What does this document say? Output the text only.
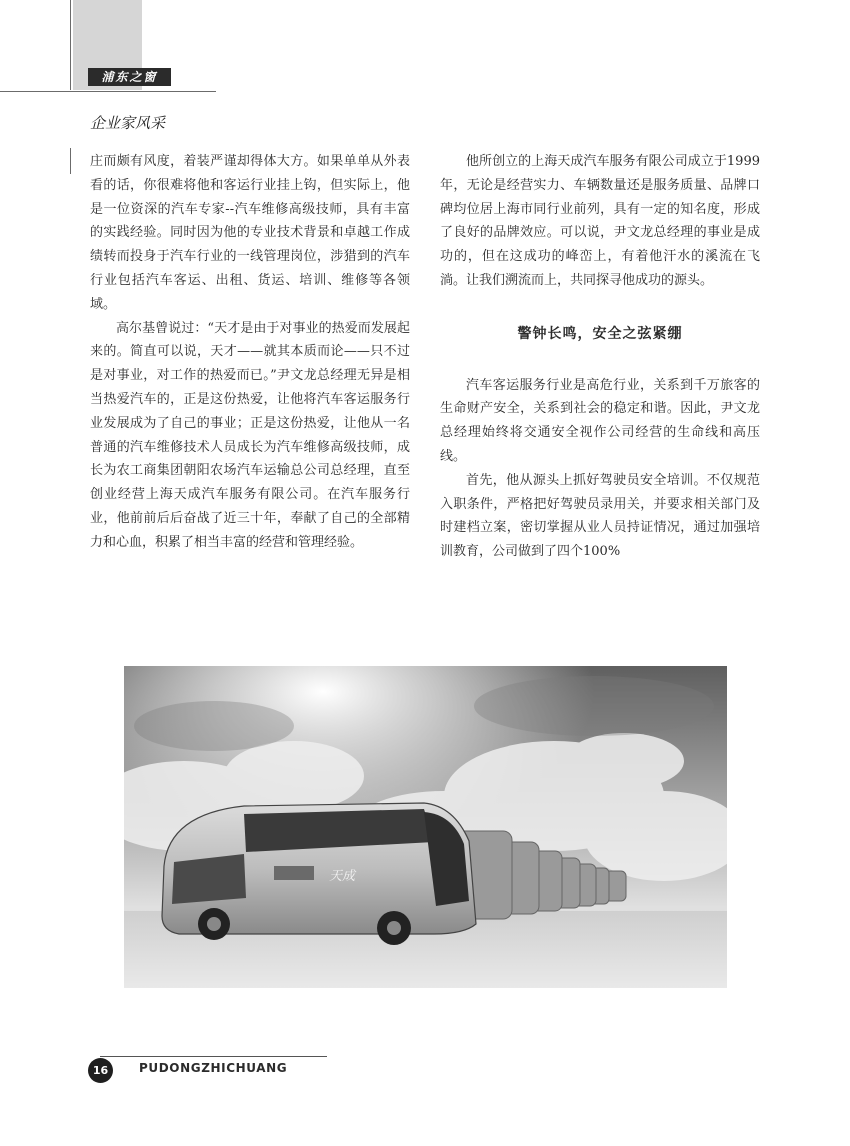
浦东之窗
企业家风采

庄而颇有风度，着装严谨却得体大方。如果单单从外表看的话，你很难将他和客运行业挂上钩，但实际上，他是一位资深的汽车专家--汽车维修高级技师，具有丰富的实践经验。同时因为他的专业技术背景和卓越工作成绩转而投身于汽车行业的一线管理岗位，涉猎到的汽车行业包括汽车客运、出租、货运、培训、维修等各领域。

高尔基曾说过：“天才是由于对事业的热爱而发展起来的。简直可以说，天才——就其本质而论——只不过是对事业，对工作的热爱而已。”尹文龙总经理无异是相当热爱汽车的，正是这份热爱，让他将汽车客运服务行业发展成为了自己的事业；正是这份热爱，让他从一名普通的汽车维修技术人员成长为汽车维修高级技师，成长为农工商集团朝阳农场汽车运输总公司总经理，直至创业经营上海天成汽车服务有限公司。在汽车服务行业，他前前后后奋战了近三十年，奉献了自己的全部精力和心血，积累了相当丰富的经营和管理经验。

他所创立的上海天成汽车服务有限公司成立于1999年，无论是经营实力、车辆数量还是服务质量、品牌口碑均位居上海市同行业前列，具有一定的知名度，形成了良好的品牌效应。可以说，尹文龙总经理的事业是成功的，但在这成功的峰峦上，有着他汗水的溪流在飞淌。让我们溯流而上，共同探寻他成功的源头。

警钟长鸣，安全之弦紧绷

汽车客运服务行业是高危行业，关系到千万旅客的生命财产安全，关系到社会的稳定和谐。因此，尹文龙总经理始终将交通安全视作公司经营的生命线和高压线。

首先，他从源头上抓好驾驶员安全培训。不仅规范入职条件，严格把好驾驶员录用关，并要求相关部门及时建档立案，密切掌握从业人员持证情况，通过加强培训教育，公司做到了四个100%

天成
16	PUDONGZHICHUANG
